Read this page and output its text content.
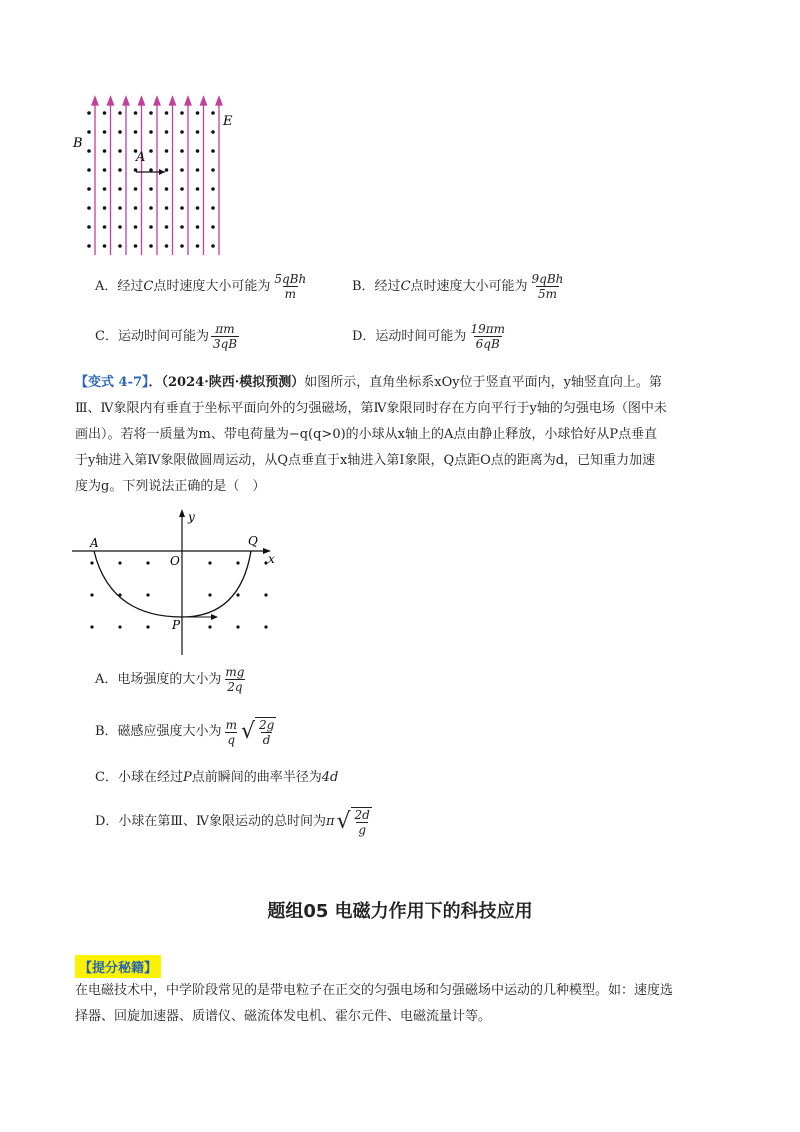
B
E
A
A．经过 C 点时速度大小可能为 $\frac{\text{5qBh}}{m}$	B．经过 C 点时速度大小可能为 $\frac{\text{9qBh}}{5m}$
C．运动时间可能为 $\frac{\pi m}{3qB}$	D．运动时间可能为 $\frac{19\pi m}{6qB}$
【变式 4-7】．（2024·陕西·模拟预测）如图所示，直角坐标系xOy位于竖直平面内，y轴竖直向上。第
Ⅲ、Ⅳ象限内有垂直于坐标平面向外的匀强磁场，第Ⅳ象限同时存在方向平行于y轴的匀强电场（图中未
画出）。若将一质量为m、带电荷量为−q(q>0)的小球从x轴上的A点由静止释放，小球恰好从P点垂直
于y轴进入第Ⅳ象限做圆周运动，从Q点垂直于x轴进入第Ⅰ象限，Q点距O点的距离为d，已知重力加速
度为g。下列说法正确的是（　）
y
x
A
O
Q
P
A．电场强度的大小为 $\frac{mg}{2q}$
B．磁感应强度大小为 $\frac{m}{q}$ √ $\frac{2g}{d}$
C．小球在经过 P 点前瞬间的曲率半径为 4d
D．小球在第Ⅲ、Ⅳ象限运动的总时间为 π √ $\frac{2d}{g}$
题组05 电磁力作用下的科技应用
【提分秘籍】
在电磁技术中，中学阶段常见的是带电粒子在正交的匀强电场和匀强磁场中运动的几种模型。如：速度选
择器、回旋加速器、质谱仪、磁流体发电机、霍尔元件、电磁流量计等。
